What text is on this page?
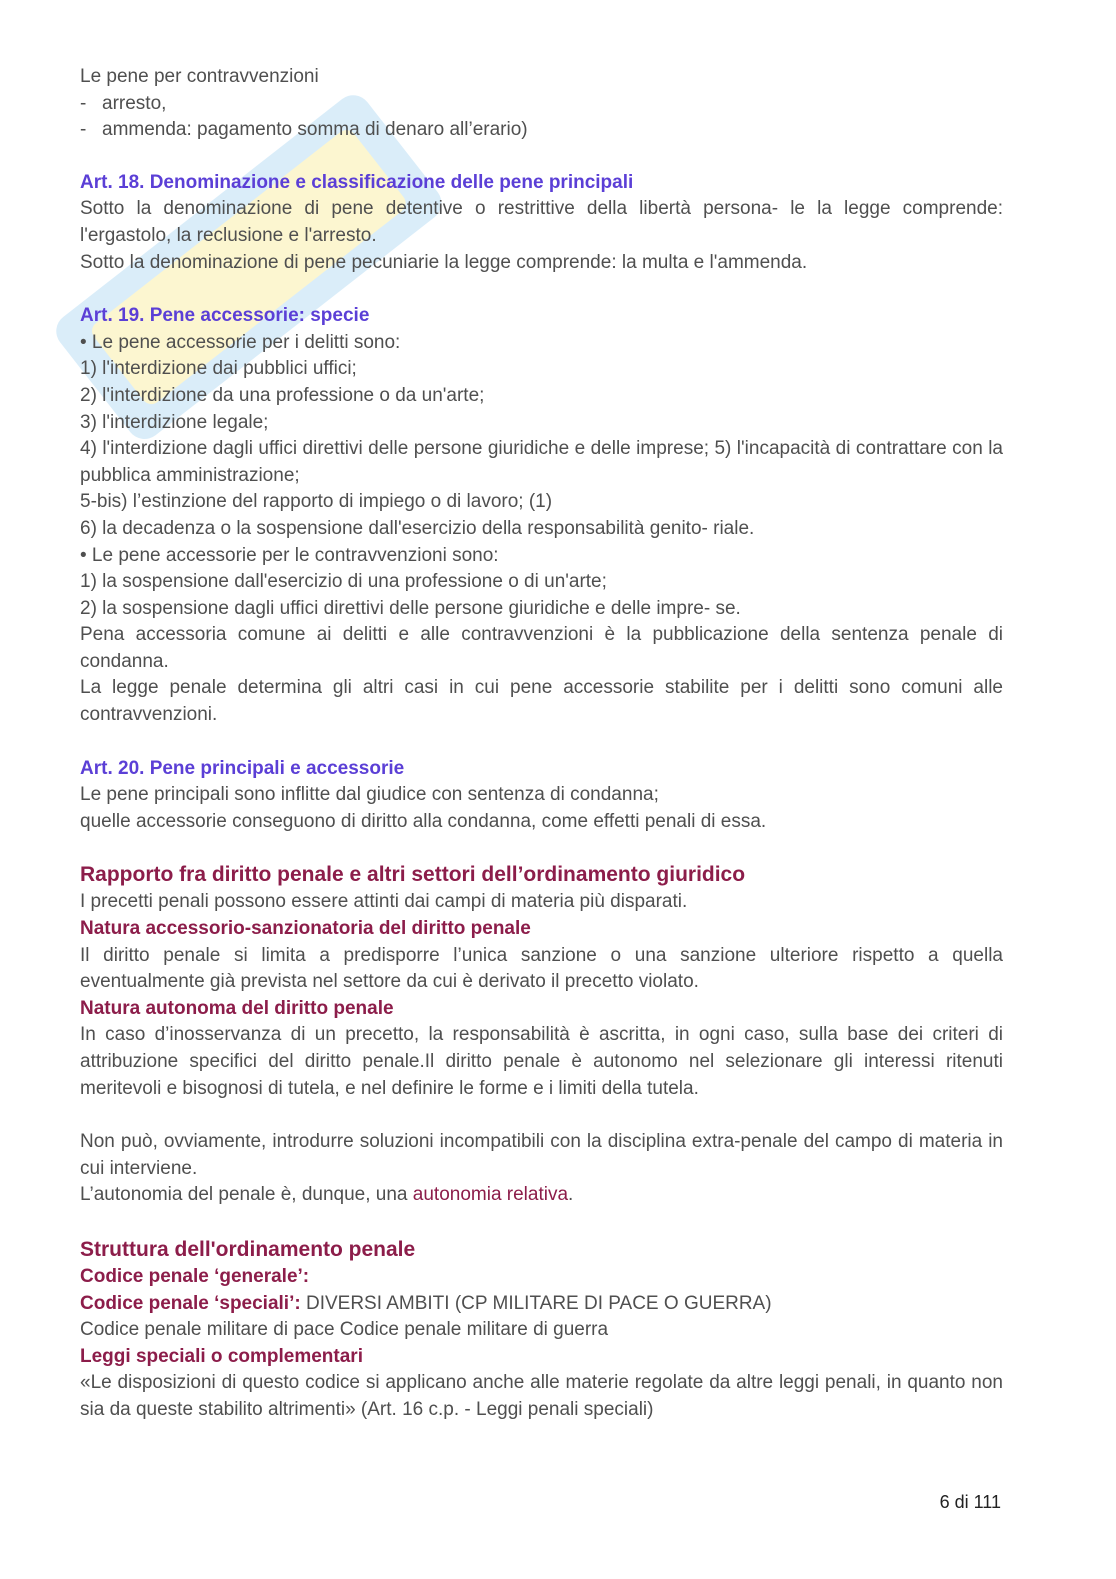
Le pene per contravvenzioni

- arresto,
- ammenda: pagamento somma di denaro all’erario)

Art. 18. Denominazione e classificazione delle pene principali

Sotto la denominazione di pene detentive o restrittive della libertà persona- le la legge comprende: l'ergastolo, la reclusione e l'arresto.

Sotto la denominazione di pene pecuniarie la legge comprende: la multa e l'ammenda.

Art. 19. Pene accessorie: specie

• Le pene accessorie per i delitti sono:

1) l'interdizione dai pubblici uffici;

2) l'interdizione da una professione o da un'arte;

3) l'interdizione legale;

4) l'interdizione dagli uffici direttivi delle persone giuridiche e delle imprese; 5) l'incapacità di contrattare con la pubblica amministrazione;

5-bis) l’estinzione del rapporto di impiego o di lavoro; (1)

6) la decadenza o la sospensione dall'esercizio della responsabilità genito- riale.

• Le pene accessorie per le contravvenzioni sono:

1) la sospensione dall'esercizio di una professione o di un'arte;

2) la sospensione dagli uffici direttivi delle persone giuridiche e delle impre- se.

Pena accessoria comune ai delitti e alle contravvenzioni è la pubblicazione della sentenza penale di condanna.

La legge penale determina gli altri casi in cui pene accessorie stabilite per i delitti sono comuni alle contravvenzioni.

Art. 20. Pene principali e accessorie

Le pene principali sono inflitte dal giudice con sentenza di condanna;

quelle accessorie conseguono di diritto alla condanna, come effetti penali di essa.

Rapporto fra diritto penale e altri settori dell’ordinamento giuridico

I precetti penali possono essere attinti dai campi di materia più disparati.

Natura accessorio-sanzionatoria del diritto penale

Il diritto penale si limita a predisporre l’unica sanzione o una sanzione ulteriore rispetto a quella eventualmente già prevista nel settore da cui è derivato il precetto violato.

Natura autonoma del diritto penale

In caso d’inosservanza di un precetto, la responsabilità è ascritta, in ogni caso, sulla base dei criteri di attribuzione specifici del diritto penale.Il diritto penale è autonomo nel selezionare gli interessi ritenuti meritevoli e bisognosi di tutela, e nel definire le forme e i limiti della tutela.

Non può, ovviamente, introdurre soluzioni incompatibili con la disciplina extra-penale del campo di materia in cui interviene.

L’autonomia del penale è, dunque, una autonomia relativa.

Struttura dell'ordinamento penale

Codice penale ‘generale’:

Codice penale ‘speciali’: DIVERSI AMBITI (CP MILITARE DI PACE O GUERRA)

Codice penale militare di pace Codice penale militare di guerra

Leggi speciali o complementari

«Le disposizioni di questo codice si applicano anche alle materie regolate da altre leggi penali, in quanto non sia da queste stabilito altrimenti» (Art. 16 c.p. - Leggi penali speciali)

6 di 111
